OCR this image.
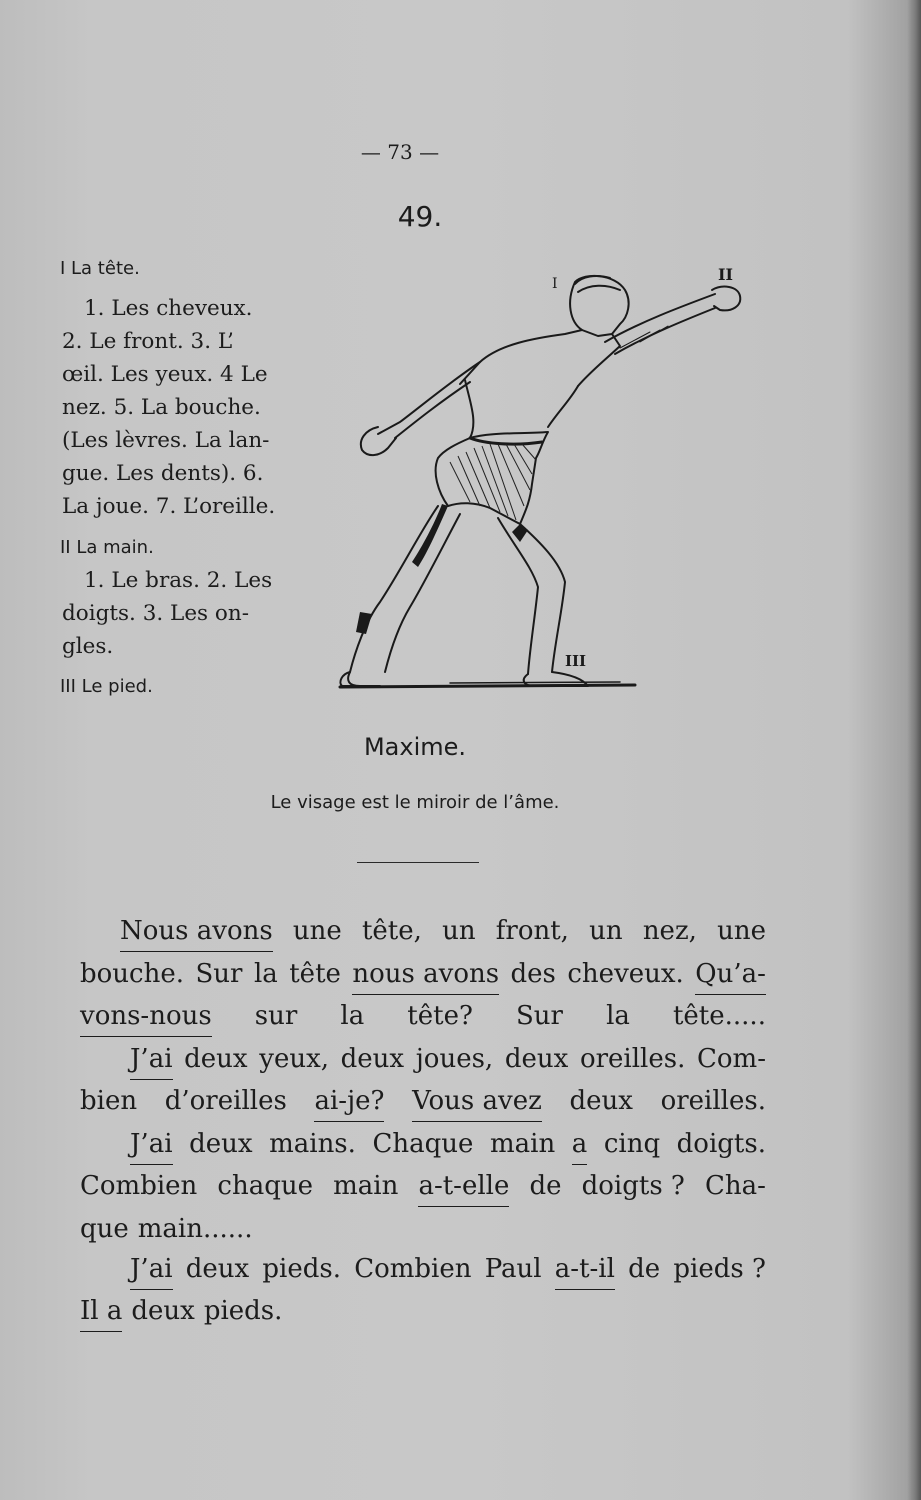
— 73 —
49.
I La tête.

1. Les cheveux.

2. Le front. 3. L’

œil. Les yeux. 4 Le

nez. 5. La bouche.

(Les lèvres. La lan-

gue. Les dents). 6.

La joue. 7. L’oreille.

II La main.

1. Le bras. 2. Les

doigts. 3. Les on-

gles.

III Le pied.
I	II
III
Maxime.
Le visage est le miroir de l’âme.
Nous avons une tête, un front, un nez, une
bouche. Sur la tête nous avons des cheveux. Qu’a-
vons-nous sur la tête? Sur la tête.....
J’ai deux yeux, deux joues, deux oreilles. Com-
bien d’oreilles ai-je? Vous avez deux oreilles.
J’ai deux mains. Chaque main a cinq doigts.
Combien chaque main a-t-elle de doigts ? Cha-
que main......
J’ai deux pieds. Combien Paul a-t-il de pieds ?
Il a deux pieds.
